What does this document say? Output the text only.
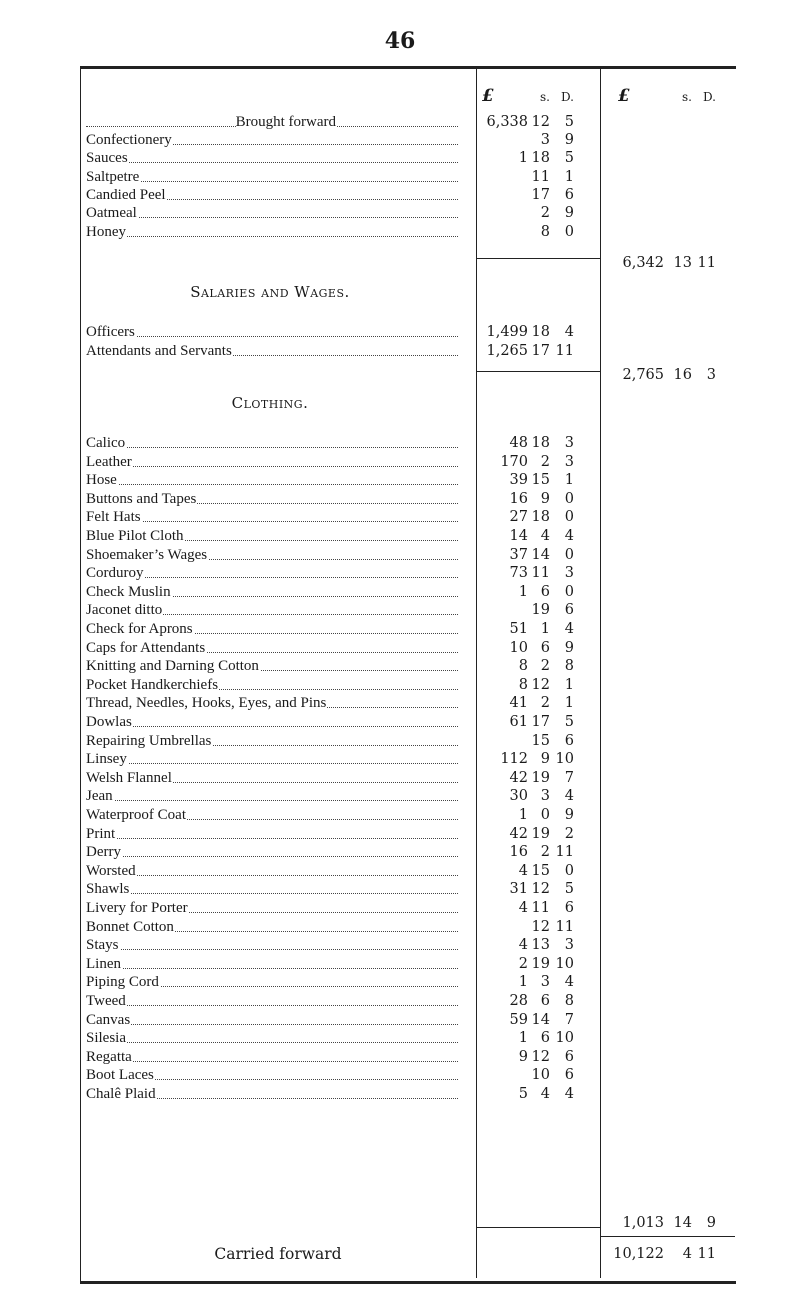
46
£	s. D.	£	s. D.
Brought forward	6,338 12 5
Confectionery	3 9
Sauces	1 18 5
Saltpetre	11 1
Candied Peel	17 6
Oatmeal	2 9
Honey	8 0
6,342 13 11
Salaries and Wages.
Officers	1,499 18 4
Attendants and Servants	1,265 17 11
2,765 16 3
Clothing.
Calico	48 18 3
Leather	170 2 3
Hose	39 15 1
Buttons and Tapes	16 9 0
Felt Hats	27 18 0
Blue Pilot Cloth	14 4 4
Shoemaker’s Wages	37 14 0
Corduroy	73 11 3
Check Muslin	1 6 0
Jaconet ditto	19 6
Check for Aprons	51 1 4
Caps for Attendants	10 6 9
Knitting and Darning Cotton	8 2 8
Pocket Handkerchiefs	8 12 1
Thread, Needles, Hooks, Eyes, and Pins	41 2 1
Dowlas	61 17 5
Repairing Umbrellas	15 6
Linsey	112 9 10
Welsh Flannel	42 19 7
Jean	30 3 4
Waterproof Coat	1 0 9
Print	42 19 2
Derry	16 2 11
Worsted	4 15 0
Shawls	31 12 5
Livery for Porter	4 11 6
Bonnet Cotton	12 11
Stays	4 13 3
Linen	2 19 10
Piping Cord	1 3 4
Tweed	28 6 8
Canvas	59 14 7
Silesia	1 6 10
Regatta	9 12 6
Boot Laces	10 6
Chalê Plaid	5 4 4
1,013 14 9
Carried forward	10,122 4 11
